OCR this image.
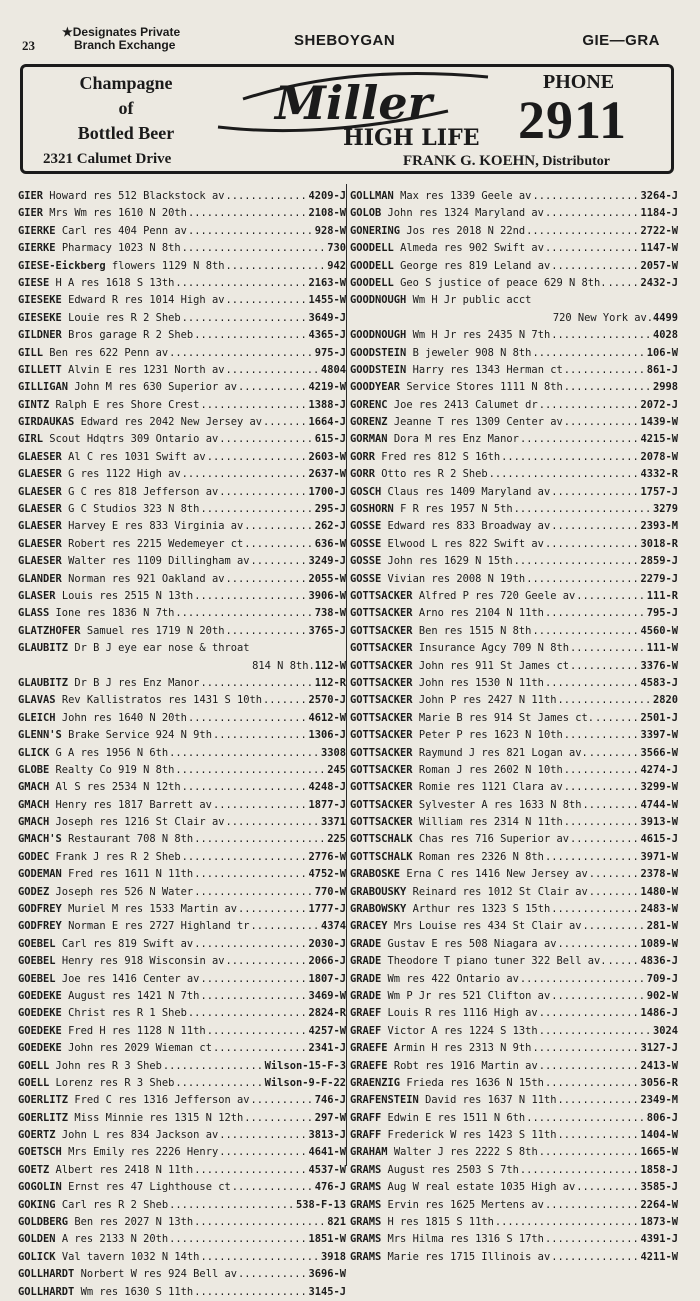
23
★Designates Private
Branch Exchange	SHEBOYGAN	GIE—GRA
Champagne
of
Bottled Beer
2321 Calumet Drive
Miller
HIGH LIFE
PHONE
2911
FRANK G. KOEHN, Distributor
GIER
Howard res 512 Blackstock av .....	4209-J
GIER
Mrs Wm res 1610 N 20th .....	2108-W
GIERKE
Carl res 404 Penn av .....	928-W
GIERKE
Pharmacy 1023 N 8th .....	730
GIESE-Eickberg
flowers 1129 N 8th .....	942
GIESE
H A res 1618 S 13th .....	2163-W
GIESEKE
Edward R res 1014 High av .....	1455-W
GIESEKE
Louie res R 2 Sheb .....	3649-J
GILDNER
Bros garage R 2 Sheb .....	4365-J
GILL
Ben res 622 Penn av .....	975-J
GILLETT
Alvin E res 1231 North av .....	4804
GILLIGAN
John M res 630 Superior av .....	4219-W
GINTZ
Ralph E res Shore Crest .....	1388-J
GIRDAUKAS
Edward res 2042 New Jersey av .....	1664-J
GIRL
Scout Hdqtrs 309 Ontario av .....	615-J
GLAESER
Al C res 1031 Swift av .....	2603-W
GLAESER
G res 1122 High av .....	2637-W
GLAESER
G C res 818 Jefferson av .....	1700-J
GLAESER
G C Studios 323 N 8th .....	295-J
GLAESER
Harvey E res 833 Virginia av .....	262-J
GLAESER
Robert res 2215 Wedemeyer ct .....	636-W
GLAESER
Walter res 1109 Dillingham av .....	3249-J
GLANDER
Norman res 921 Oakland av .....	2055-W
GLASER
Louis res 2515 N 13th .....	3906-W
GLASS
Ione res 1836 N 7th .....	738-W
GLATZHOFER
Samuel res 1719 N 20th .....	3765-J
GLAUBITZ
Dr B J eye ear nose & throat
814 N 8th.112-W
GLAUBITZ
Dr B J res Enz Manor .....	112-R
GLAVAS
Rev Kallistratos res 1431 S 10th .....	2570-J
GLEICH
John res 1640 N 20th .....	4612-W
GLENN'S
Brake Service 924 N 9th .....	1306-J
GLICK
G A res 1956 N 6th .....	3308
GLOBE
Realty Co 919 N 8th .....	245
GMACH
Al S res 2534 N 12th .....	4248-J
GMACH
Henry res 1817 Barrett av .....	1877-J
GMACH
Joseph res 1216 St Clair av .....	3371
GMACH'S
Restaurant 708 N 8th .....	225
GODEC
Frank J res R 2 Sheb .....	2776-W
GODEMAN
Fred res 1611 N 11th .....	4752-W
GODEZ
Joseph res 526 N Water .....	770-W
GODFREY
Muriel M res 1533 Martin av .....	1777-J
GODFREY
Norman E res 2727 Highland tr .....	4374
GOEBEL
Carl res 819 Swift av .....	2030-J
GOEBEL
Henry res 918 Wisconsin av .....	2066-J
GOEBEL
Joe res 1416 Center av .....	1807-J
GOEDEKE
August res 1421 N 7th .....	3469-W
GOEDEKE
Christ res R 1 Sheb .....	2824-R
GOEDEKE
Fred H res 1128 N 11th .....	4257-W
GOEDEKE
John res 2029 Wieman ct .....	2341-J
GOELL
John res R 3 Sheb .....	Wilson-15-F-3
GOELL
Lorenz res R 3 Sheb .....	Wilson-9-F-22
GOERLITZ
Fred C res 1316 Jefferson av .....	746-J
GOERLITZ
Miss Minnie res 1315 N 12th .....	297-W
GOERTZ
John L res 834 Jackson av .....	3813-J
GOETSCH
Mrs Emily res 2226 Henry .....	4641-W
GOETZ
Albert res 2418 N 11th .....	4537-W
GOGOLIN
Ernst res 47 Lighthouse ct .....	476-J
GOKING
Carl res R 2 Sheb .....	538-F-13
GOLDBERG
Ben res 2027 N 13th .....	821
GOLDEN
A res 2133 N 20th .....	1851-W
GOLICK
Val tavern 1032 N 14th .....	3918
GOLLHARDT
Norbert W res 924 Bell av .....	3696-W
GOLLHARDT
Wm res 1630 S 11th .....	3145-J
GOLLMAN
Max res 1339 Geele av .....	3264-J
GOLOB
John res 1324 Maryland av .....	1184-J
GONERING
Jos res 2018 N 22nd .....	2722-W
GOODELL
Almeda res 902 Swift av .....	1147-W
GOODELL
George res 819 Leland av .....	2057-W
GOODELL
Geo S justice of peace 629 N 8th. .....	2432-J
GOODNOUGH
Wm H Jr public acct
720 New York av.4499
GOODNOUGH
Wm H Jr res 2435 N 7th .....	4028
GOODSTEIN
B jeweler 908 N 8th .....	106-W
GOODSTEIN
Harry res 1343 Herman ct .....	861-J
GOODYEAR
Service Stores 1111 N 8th .....	2998
GORENC
Joe res 2413 Calumet dr .....	2072-J
GORENZ
Jeanne T res 1309 Center av .....	1439-W
GORMAN
Dora M res Enz Manor .....	4215-W
GORR
Fred res 812 S 16th .....	2078-W
GORR
Otto res R 2 Sheb .....	4332-R
GOSCH
Claus res 1409 Maryland av .....	1757-J
GOSHORN
F R res 1957 N 5th .....	3279
GOSSE
Edward res 833 Broadway av .....	2393-M
GOSSE
Elwood L res 822 Swift av .....	3018-R
GOSSE
John res 1629 N 15th .....	2859-J
GOSSE
Vivian res 2008 N 19th .....	2279-J
GOTTSACKER
Alfred P res 720 Geele av .....	111-R
GOTTSACKER
Arno res 2104 N 11th .....	795-J
GOTTSACKER
Ben res 1515 N 8th .....	4560-W
GOTTSACKER
Insurance Agcy 709 N 8th .....	111-W
GOTTSACKER
John res 911 St James ct .....	3376-W
GOTTSACKER
John res 1530 N 11th .....	4583-J
GOTTSACKER
John P res 2427 N 11th .....	2820
GOTTSACKER
Marie B res 914 St James ct. .....	2501-J
GOTTSACKER
Peter P res 1623 N 10th .....	3397-W
GOTTSACKER
Raymund J res 821 Logan av. .....	3566-W
GOTTSACKER
Roman J res 2602 N 10th .....	4274-J
GOTTSACKER
Romie res 1121 Clara av .....	3299-W
GOTTSACKER
Sylvester A res 1633 N 8th .....	4744-W
GOTTSACKER
William res 2314 N 11th .....	3913-W
GOTTSCHALK
Chas res 716 Superior av .....	4615-J
GOTTSCHALK
Roman res 2326 N 8th .....	3971-W
GRABOSKE
Erna C res 1416 New Jersey av .....	2378-W
GRABOUSKY
Reinard res 1012 St Clair av .....	1480-W
GRABOWSKY
Arthur res 1323 S 15th .....	2483-W
GRACEY
Mrs Louise res 434 St Clair av .....	281-W
GRADE
Gustav E res 508 Niagara av .....	1089-W
GRADE
Theodore T piano tuner 322 Bell av. .....	4836-J
GRADE
Wm res 422 Ontario av .....	709-J
GRADE
Wm P Jr res 521 Clifton av .....	902-W
GRAEF
Louis R res 1116 High av .....	1486-J
GRAEF
Victor A res 1224 S 13th .....	3024
GRAEFE
Armin H res 2313 N 9th .....	3127-J
GRAEFE
Robt res 1916 Martin av .....	2413-W
GRAENZIG
Frieda res 1636 N 15th .....	3056-R
GRAFENSTEIN
David res 1637 N 11th .....	2349-M
GRAFF
Edwin E res 1511 N 6th .....	806-J
GRAFF
Frederick W res 1423 S 11th .....	1404-W
GRAHAM
Walter J res 2222 S 8th .....	1665-W
GRAMS
August res 2503 S 7th .....	1858-J
GRAMS
Aug W real estate 1035 High av .....	3585-J
GRAMS
Ervin res 1625 Mertens av .....	2264-W
GRAMS
H res 1815 S 11th .....	1873-W
GRAMS
Mrs Hilma res 1316 S 17th .....	4391-J
GRAMS
Marie res 1715 Illinois av .....	4211-W
